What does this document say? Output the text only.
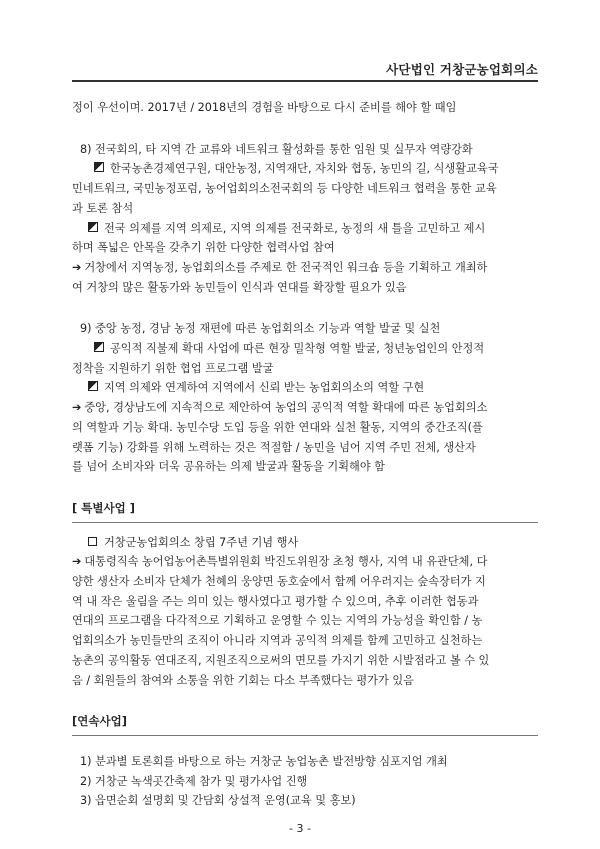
사단법인 거창군농업회의소

정이 우선이며. 2017년 / 2018년의 경험을 바탕으로 다시 준비를 해야 할 때임

8) 전국회의, 타 지역 간 교류와 네트워크 활성화를 통한 임원 및 실무자 역량강화

한국농촌경제연구원, 대안농정, 지역재단, 자치와 협동, 농민의 길, 식생활교육국

민네트워크, 국민농정포럼, 농어업회의소전국회의 등 다양한 네트워크 협력을 통한 교육

과 토론 참석

전국 의제를 지역 의제로, 지역 의제를 전국화로, 농정의 새 틀을 고민하고 제시

하며 폭넓은 안목을 갖추기 위한 다양한 협력사업 참여

➔ 거창에서 지역농정, 농업회의소를 주제로 한 전국적인 워크숍 등을 기획하고 개최하

여 거창의 많은 활동가와 농민들이 인식과 연대를 확장할 필요가 있음

9) 중앙 농정, 경남 농정 재편에 따른 농업회의소 기능과 역할 발굴 및 실천

공익적 직불제 확대 사업에 따른 현장 밀착형 역할 발굴, 청년농업인의 안정적

정착을 지원하기 위한 협업 프로그램 발굴

지역 의제와 연계하여 지역에서 신뢰 받는 농업회의소의 역할 구현

➔ 중앙, 경상남도에 지속적으로 제안하여 농업의 공익적 역할 확대에 따른 농업회의소

의 역할과 기능 확대. 농민수당 도입 등을 위한 연대와 실천 활동, 지역의 중간조직(플

랫폼 기능) 강화를 위해 노력하는 것은 적절함 / 농민을 넘어 지역 주민 전체, 생산자

를 넘어 소비자와 더욱 공유하는 의제 발굴과 활동을 기획해야 함

[ 특별사업 ]

거창군농업회의소 창립 7주년 기념 행사

➔ 대통령직속 농어업농어촌특별위원회 박진도위원장 초청 행사, 지역 내 유관단체, 다

양한 생산자 소비자 단체가 천혜의 웅양면 동호숲에서 함께 어우러지는 숲속장터가 지

역 내 작은 울림을 주는 의미 있는 행사였다고 평가할 수 있으며, 추후 이러한 협동과

연대의 프로그램을 다각적으로 기획하고 운영할 수 있는 지역의 가능성을 확인함 / 농

업회의소가 농민들만의 조직이 아니라 지역과 공익적 의제를 함께 고민하고 실천하는

농촌의 공익활동 연대조직, 지원조직으로써의 면모를 가지기 위한 시발점라고 볼 수 있

음 / 회원들의 참여와 소통을 위한 기회는 다소 부족했다는 평가가 있음

[연속사업]

1) 분과별 토론회를 바탕으로 하는 거창군 농업농촌 발전방향 심포지엄 개최

2) 거창군 녹색곳간축제 참가 및 평가사업 진행

3) 읍면순회 설명회 및 간담회 상설적 운영(교육 및 홍보)

- 3 -
